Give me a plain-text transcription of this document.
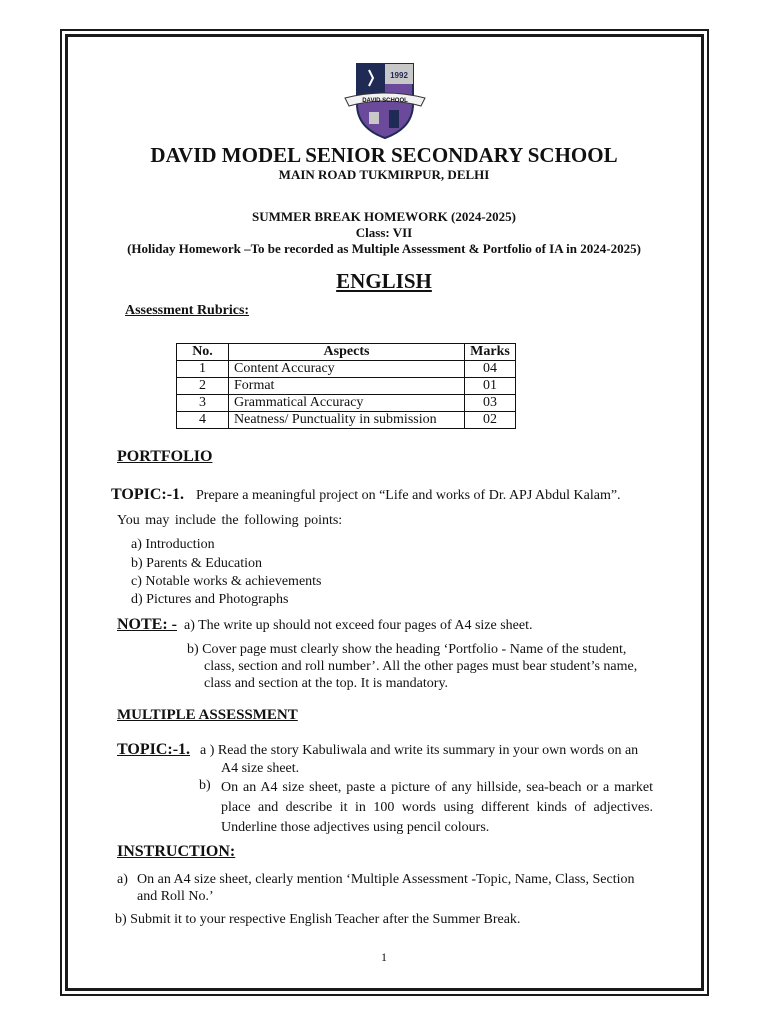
1992
DAVID SCHOOL

DAVID MODEL SENIOR SECONDARY SCHOOL

MAIN ROAD TUKMIRPUR, DELHI

SUMMER BREAK HOMEWORK (2024-2025)

Class: VII

(Holiday Homework –To be recorded as Multiple Assessment & Portfolio of IA in 2024-2025)

ENGLISH

Assessment Rubrics:

No.	Aspects	Marks
1	Content Accuracy	04
2	Format	01
3	Grammatical Accuracy	03
4	Neatness/ Punctuality in submission	02

PORTFOLIO

TOPIC:-1. Prepare a meaningful project on “Life and works of Dr. APJ Abdul Kalam”.

You may include the following points:

a) Introduction

b) Parents & Education

c) Notable works & achievements

d) Pictures and Photographs

NOTE: - a) The write up should not exceed four pages of A4 size sheet.

b) Cover page must clearly show the heading ‘Portfolio - Name of the student,

class, section and roll number’. All the other pages must bear student’s name,

class and section at the top. It is mandatory.

MULTIPLE ASSESSMENT

TOPIC:-1. a ) Read the story Kabuliwala and write its summary in your own words on an

A4 size sheet.

b) On an A4 size sheet, paste a picture of any hillside, sea-beach or a market place and describe it in 100 words using different kinds of adjectives. Underline those adjectives using pencil colours.

INSTRUCTION:

a) On an A4 size sheet, clearly mention ‘Multiple Assessment -Topic, Name, Class, Section

and Roll No.’

b) Submit it to your respective English Teacher after the Summer Break.

1
